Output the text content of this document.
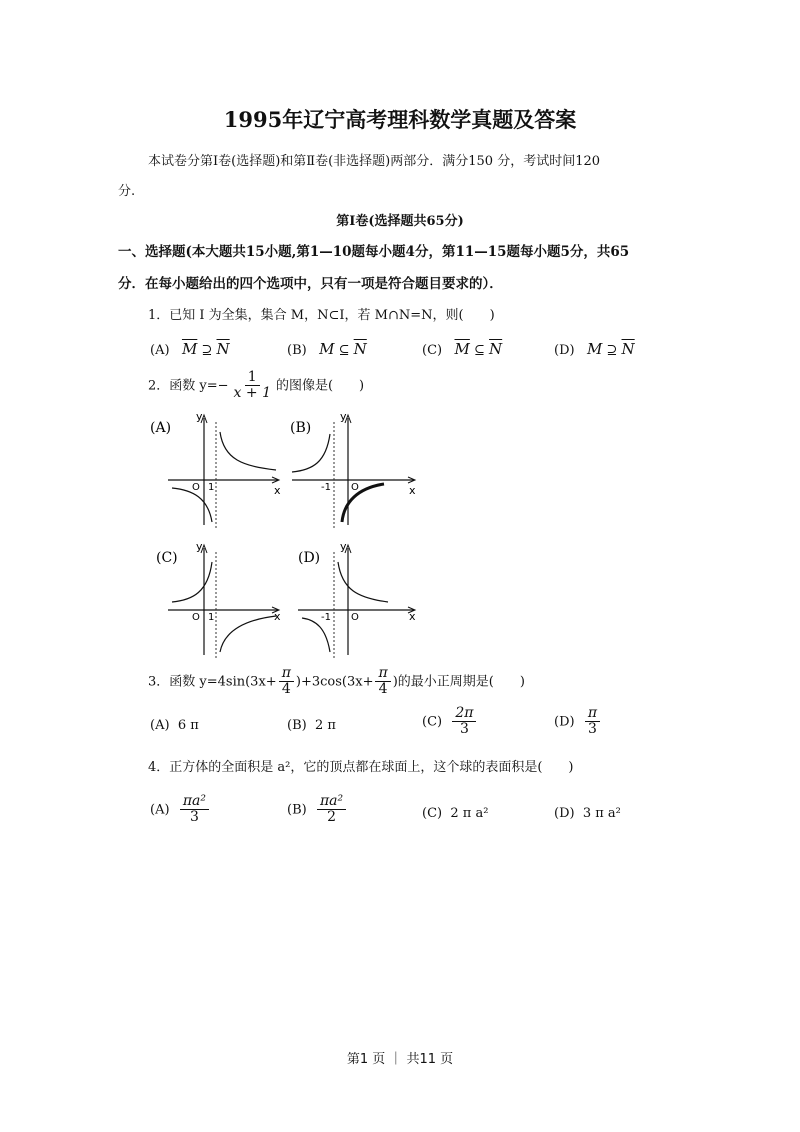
1995年辽宁高考理科数学真题及答案
本试卷分第Ⅰ卷(选择题)和第Ⅱ卷(非选择题)两部分．满分150 分，考试时间120
分.
第Ⅰ卷(选择题共65分)
一、选择题(本大题共15小题,第1—10题每小题4分，第11—15题每小题5分，共65
分．在每小题给出的四个选项中，只有一项是符合题目要求的）．
1．已知 I 为全集，集合 M，N⊂I，若 M∩N=N，则(　　)
(A) $\overline{M}$ ⊇ $\overline{N}$	(B) M ⊆ $\overline{N}$	(C) $\overline{M}$ ⊆ $\overline{N}$	(D) M ⊇ $\overline{N}$
2．函数 $y=- \frac{1}{x + 1}$ 的图像是(　　)
(A)
y
x
O 1
(B)
y
x
-1 O
(C)
y
x
O 1
(D)
y
x
-1 O
3．函数 $y=4\sin(3x+ \frac{\pi}{4} )+3\cos(3x+ \frac{\pi}{4}$ )的最小正周期是(　　)
(A) 6 π	(B) 2 π	$(C) \frac{2\pi}{3}$	$(D) \frac{\pi}{3}$
4．正方体的全面积是 a²，它的顶点都在球面上，这个球的表面积是(　　)
$(A) \frac{\text{πa²}}{3}$	$(B) \frac{\text{πa²}}{2}$	(C) 2 π a²	(D) 3 π a²
第1 页 ｜ 共11 页
